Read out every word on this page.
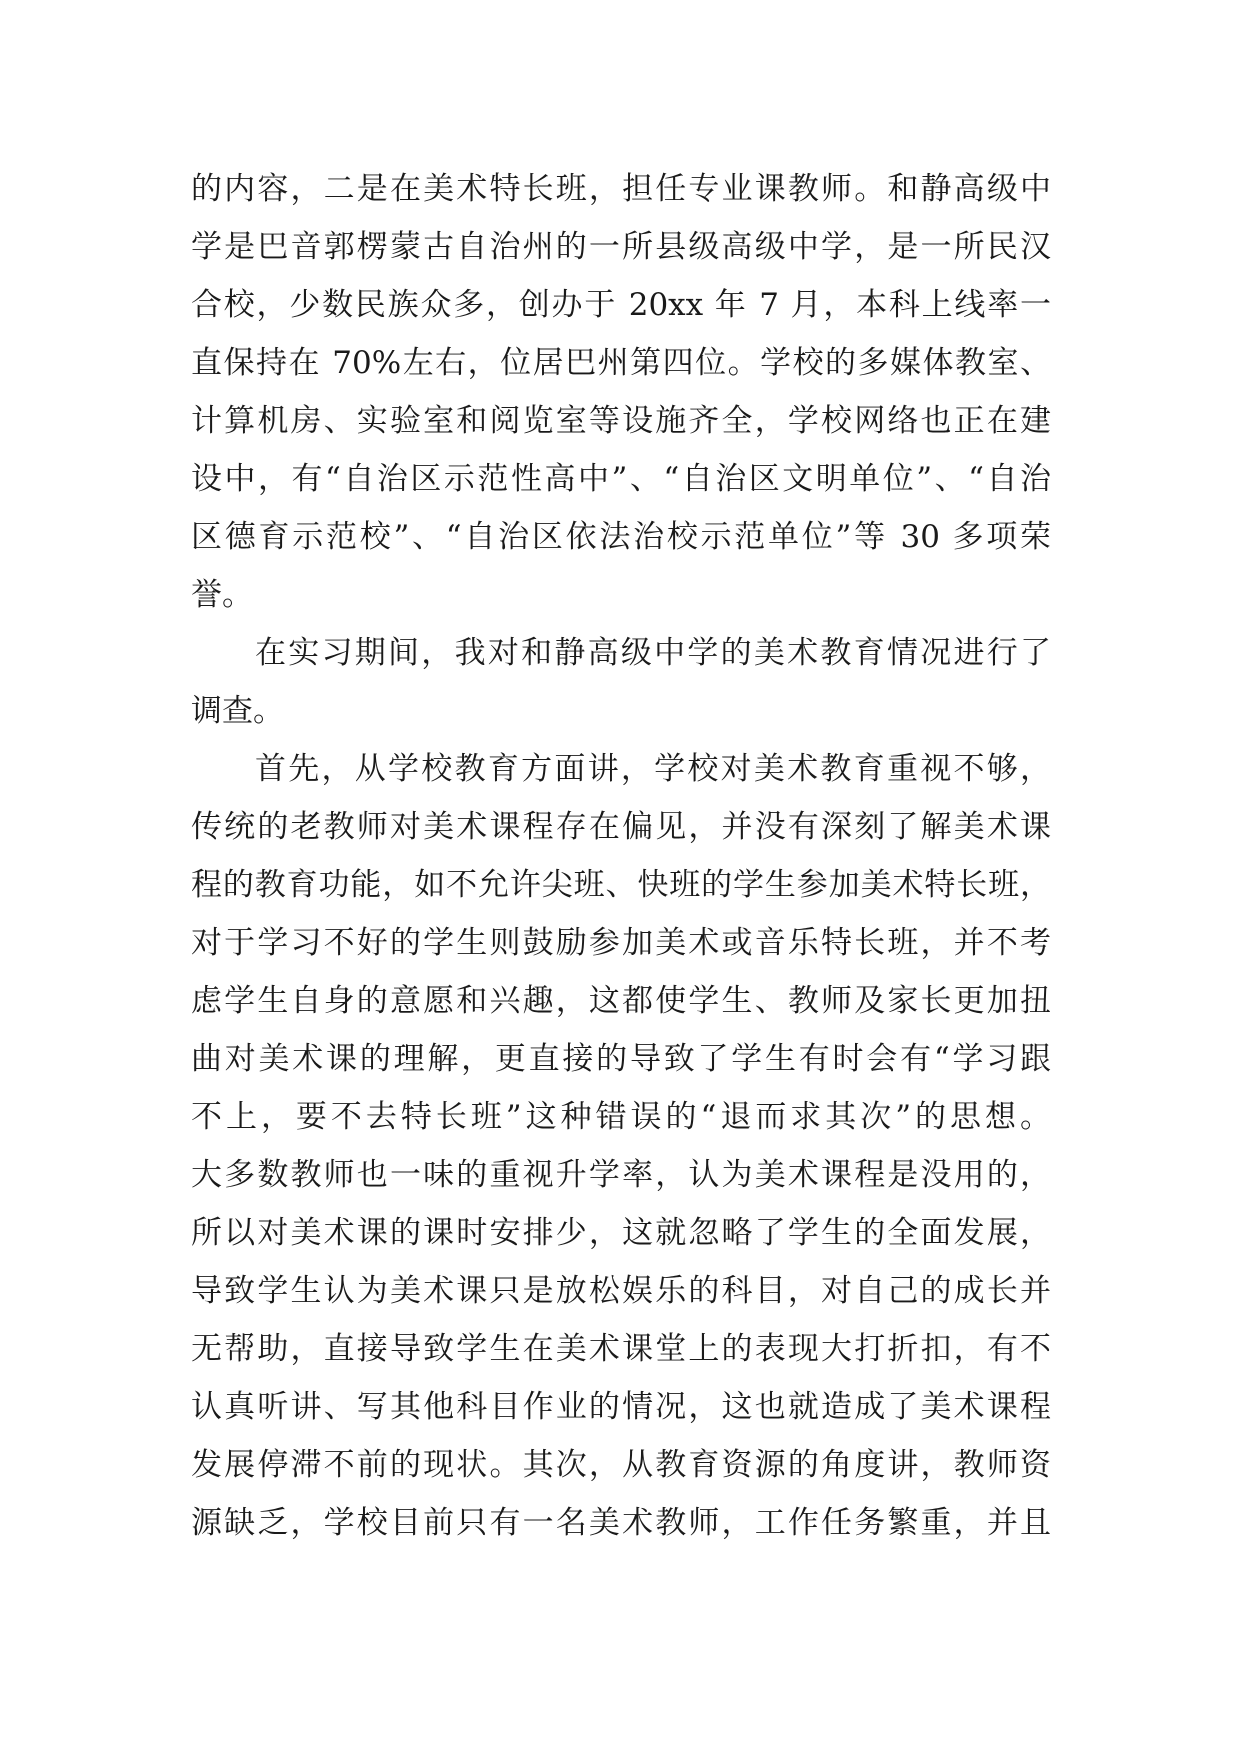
的内容，二是在美术特长班，担任专业课教师。和静高级中
学是巴音郭楞蒙古自治州的一所县级高级中学，是一所民汉
合校，少数民族众多，创办于 20xx 年 7 月，本科上线率一
直保持在 70%左右，位居巴州第四位。学校的多媒体教室、
计算机房、实验室和阅览室等设施齐全，学校网络也正在建
设中，有“自治区示范性高中”、“自治区文明单位”、“自治
区德育示范校”、“自治区依法治校示范单位”等 30 多项荣
誉。
在实习期间，我对和静高级中学的美术教育情况进行了
调查。
首先，从学校教育方面讲，学校对美术教育重视不够，
传统的老教师对美术课程存在偏见，并没有深刻了解美术课
程的教育功能，如不允许尖班、快班的学生参加美术特长班，
对于学习不好的学生则鼓励参加美术或音乐特长班，并不考
虑学生自身的意愿和兴趣，这都使学生、教师及家长更加扭
曲对美术课的理解，更直接的导致了学生有时会有“学习跟
不上，要不去特长班”这种错误的“退而求其次”的思想。
大多数教师也一味的重视升学率，认为美术课程是没用的，
所以对美术课的课时安排少，这就忽略了学生的全面发展，
导致学生认为美术课只是放松娱乐的科目，对自己的成长并
无帮助，直接导致学生在美术课堂上的表现大打折扣，有不
认真听讲、写其他科目作业的情况，这也就造成了美术课程
发展停滞不前的现状。其次，从教育资源的角度讲，教师资
源缺乏，学校目前只有一名美术教师，工作任务繁重，并且
